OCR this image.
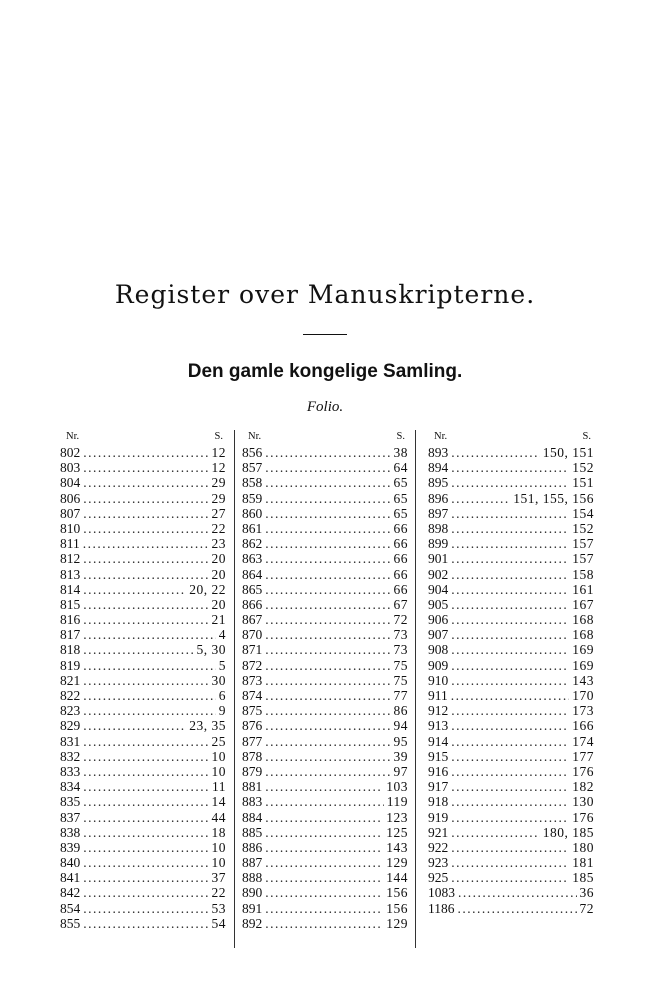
Register over Manuskripterne.
Den gamle kongelige Samling.
Folio.
Nr.	S.
802 .....	12
803 .....	12
804 .....	29
806 .....	29
807 .....	27
810 .....	22
811 .....	23
812 .....	20
813 .....	20
814 .....	20, 22
815 .....	20
816 .....	21
817 .....	4
818 .....	5, 30
819 .....	5
821 .....	30
822 .....	6
823 .....	9
829 .....	23, 35
831 .....	25
832 .....	10
833 .....	10
834 .....	11
835 .....	14
837 .....	44
838 .....	18
839 .....	10
840 .....	10
841 .....	37
842 .....	22
854 .....	53
855 .....	54
Nr.	S.
856 .....	38
857 .....	64
858 .....	65
859 .....	65
860 .....	65
861 .....	66
862 .....	66
863 .....	66
864 .....	66
865 .....	66
866 .....	67
867 .....	72
870 .....	73
871 .....	73
872 .....	75
873 .....	75
874 .....	77
875 .....	86
876 .....	94
877 .....	95
878 .....	39
879 .....	97
881 .....	103
883 .....	119
884 .....	123
885 .....	125
886 .....	143
887 .....	129
888 .....	144
890 .....	156
891 .....	156
892 .....	129
Nr.	S.
893 .....	150, 151
894 .....	152
895 .....	151
896 .....	151, 155, 156
897 .....	154
898 .....	152
899 .....	157
901 .....	157
902 .....	158
904 .....	161
905 .....	167
906 .....	168
907 .....	168
908 .....	169
909 .....	169
910 .....	143
911 .....	170
912 .....	173
913 .....	166
914 .....	174
915 .....	177
916 .....	176
917 .....	182
918 .....	130
919 .....	176
921 .....	180, 185
922 .....	180
923 .....	181
925 .....	185
1083 .....	36
1186 .....	72
